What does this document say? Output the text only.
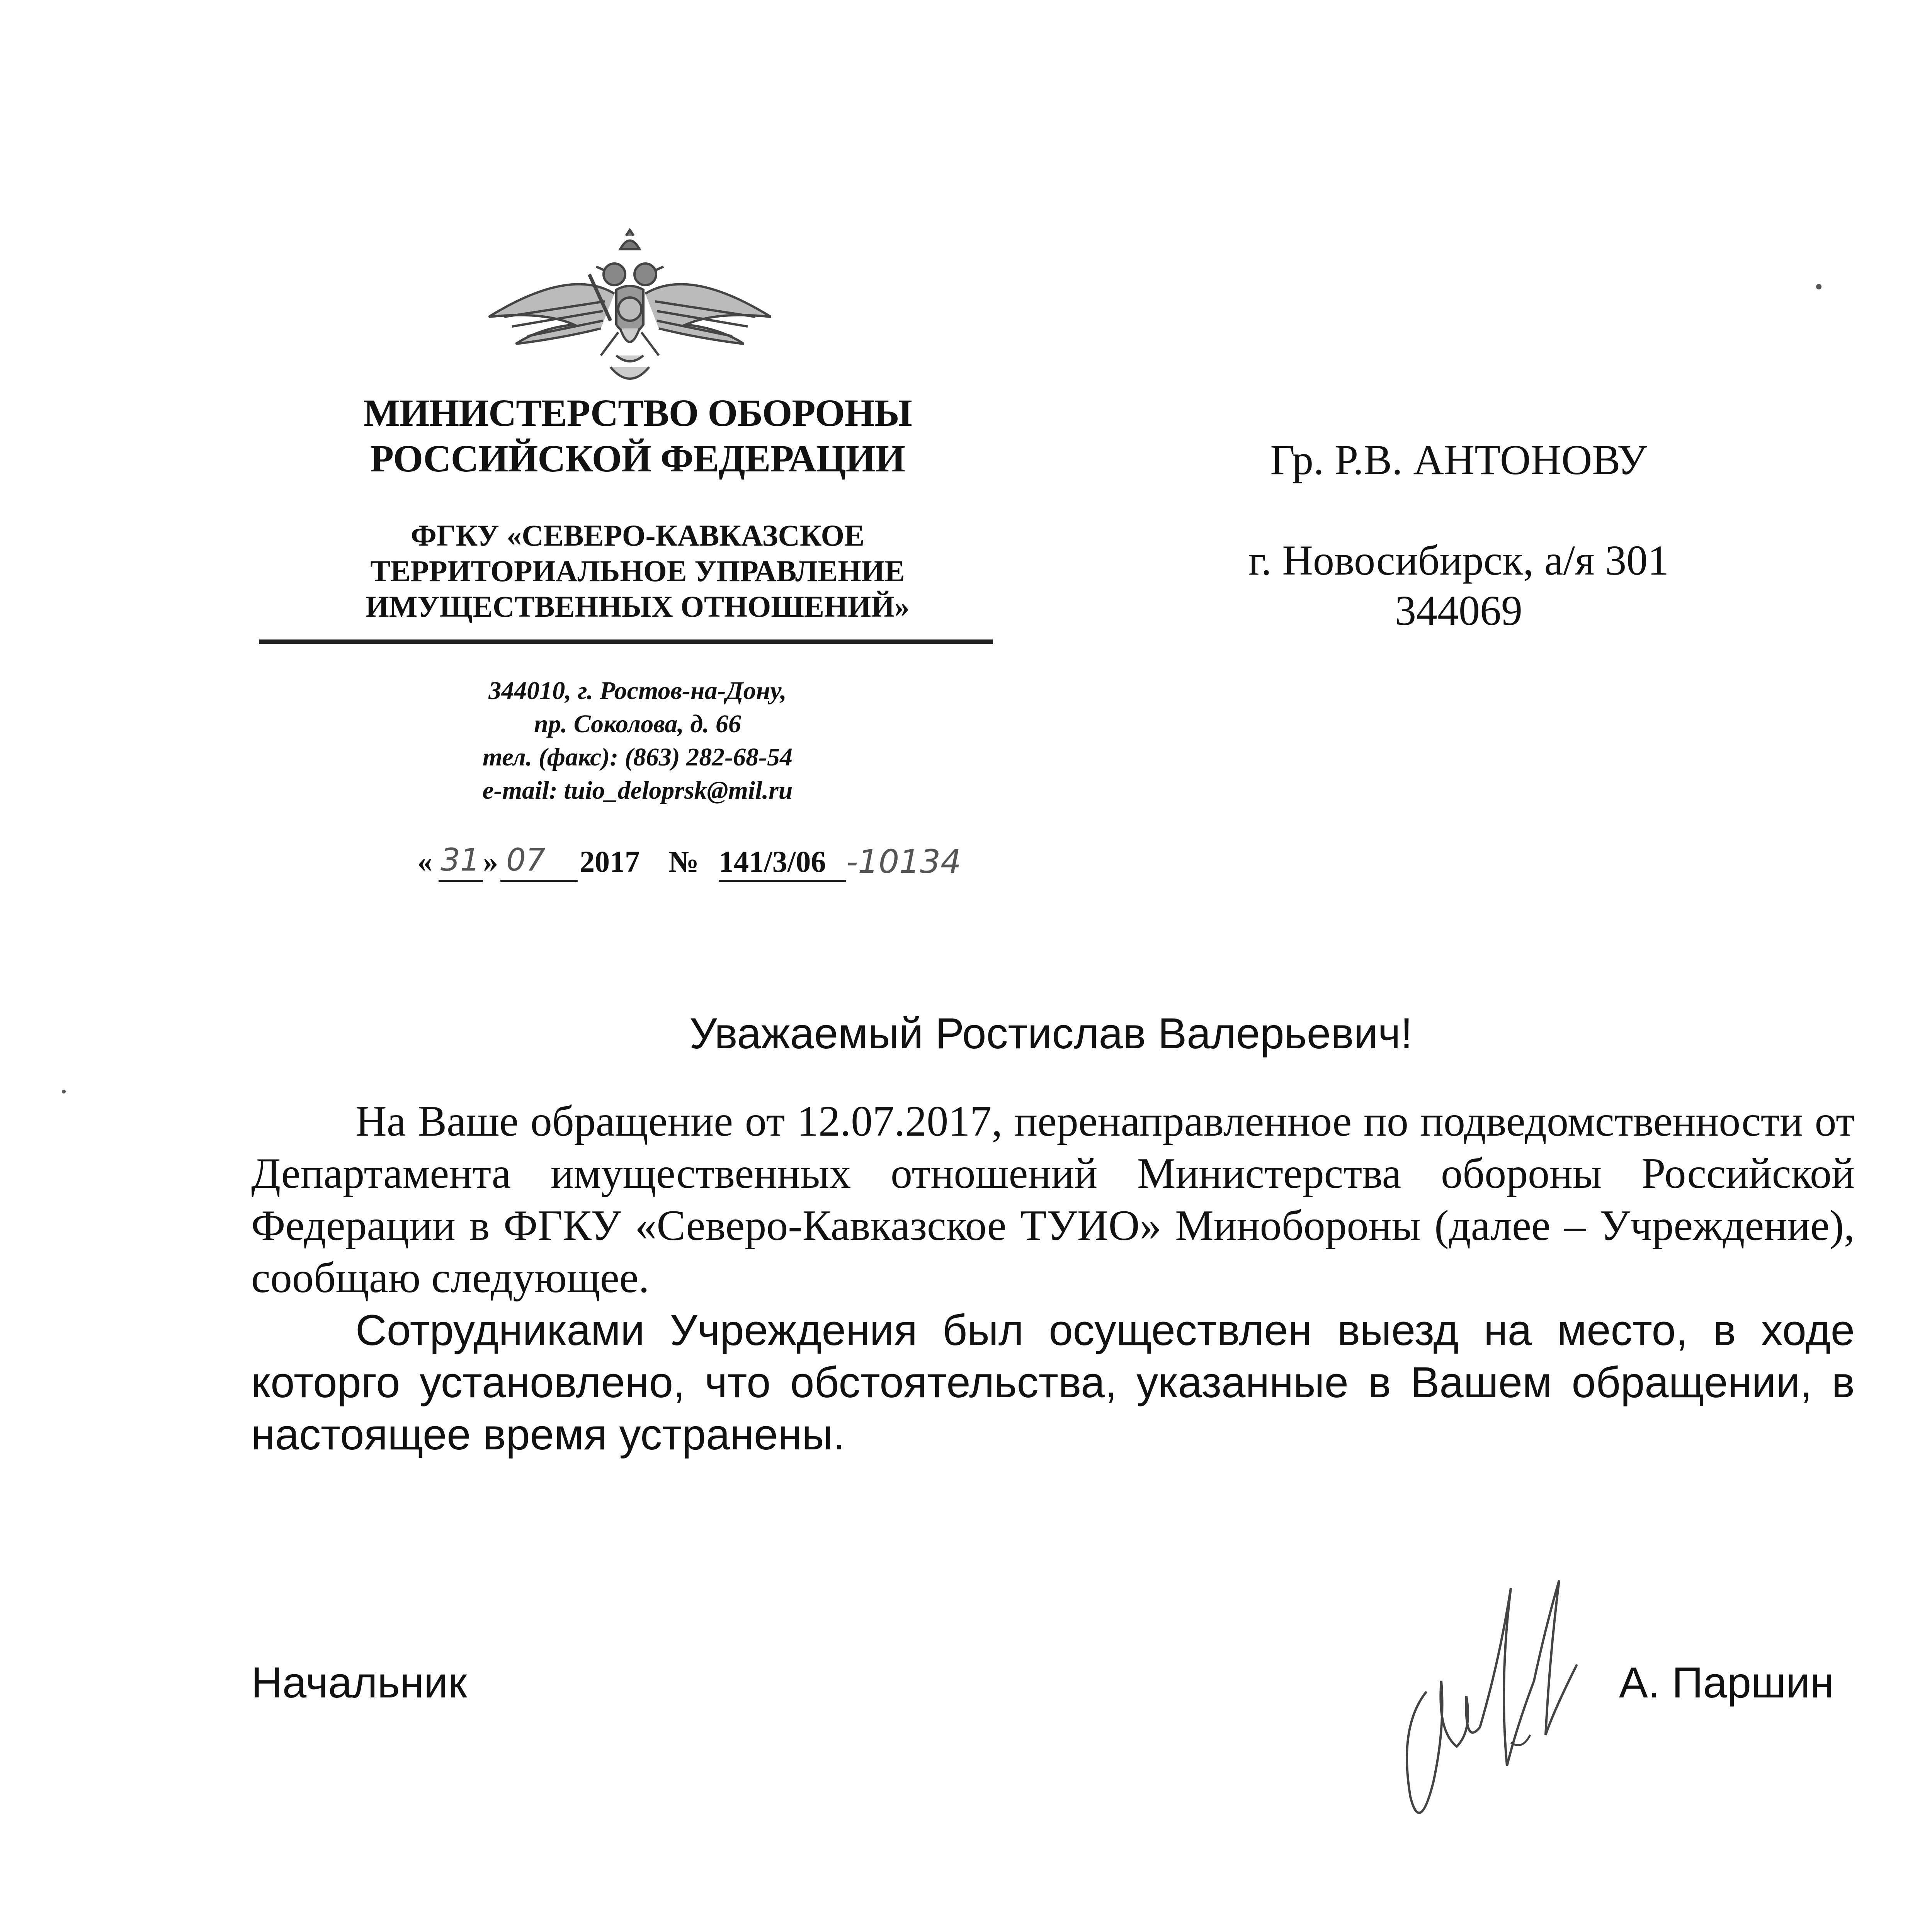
МИНИСТЕРСТВО ОБОРОНЫ
РОССИЙСКОЙ ФЕДЕРАЦИИ
ФГКУ «СЕВЕРО-КАВКАЗСКОЕ
ТЕРРИТОРИАЛЬНОЕ УПРАВЛЕНИЕ
ИМУЩЕСТВЕННЫХ ОТНОШЕНИЙ»
344010, г. Ростов-на-Дону,
пр. Соколова, д. 66
тел. (факс): (863) 282-68-54
e-mail: tuio_deloprsk@mil.ru
« 31 » 07 2017 № 141/3/06 -10134
Гр. Р.В. АНТОНОВУ
г. Новосибирск, а/я 301
344069
Уважаемый Ростислав Валерьевич!

На Ваше обращение от 12.07.2017, перенаправленное по подведомственности от Департамента имущественных отношений Министерства обороны Российской Федерации в ФГКУ «Северо-Кавказское ТУИО» Минобороны (далее – Учреждение), сообщаю следующее.

Сотрудниками Учреждения был осуществлен выезд на место, в ходе которго установлено, что обстоятельства, указанные в Вашем обращении, в настоящее время устранены.

Начальник	А. Паршин
